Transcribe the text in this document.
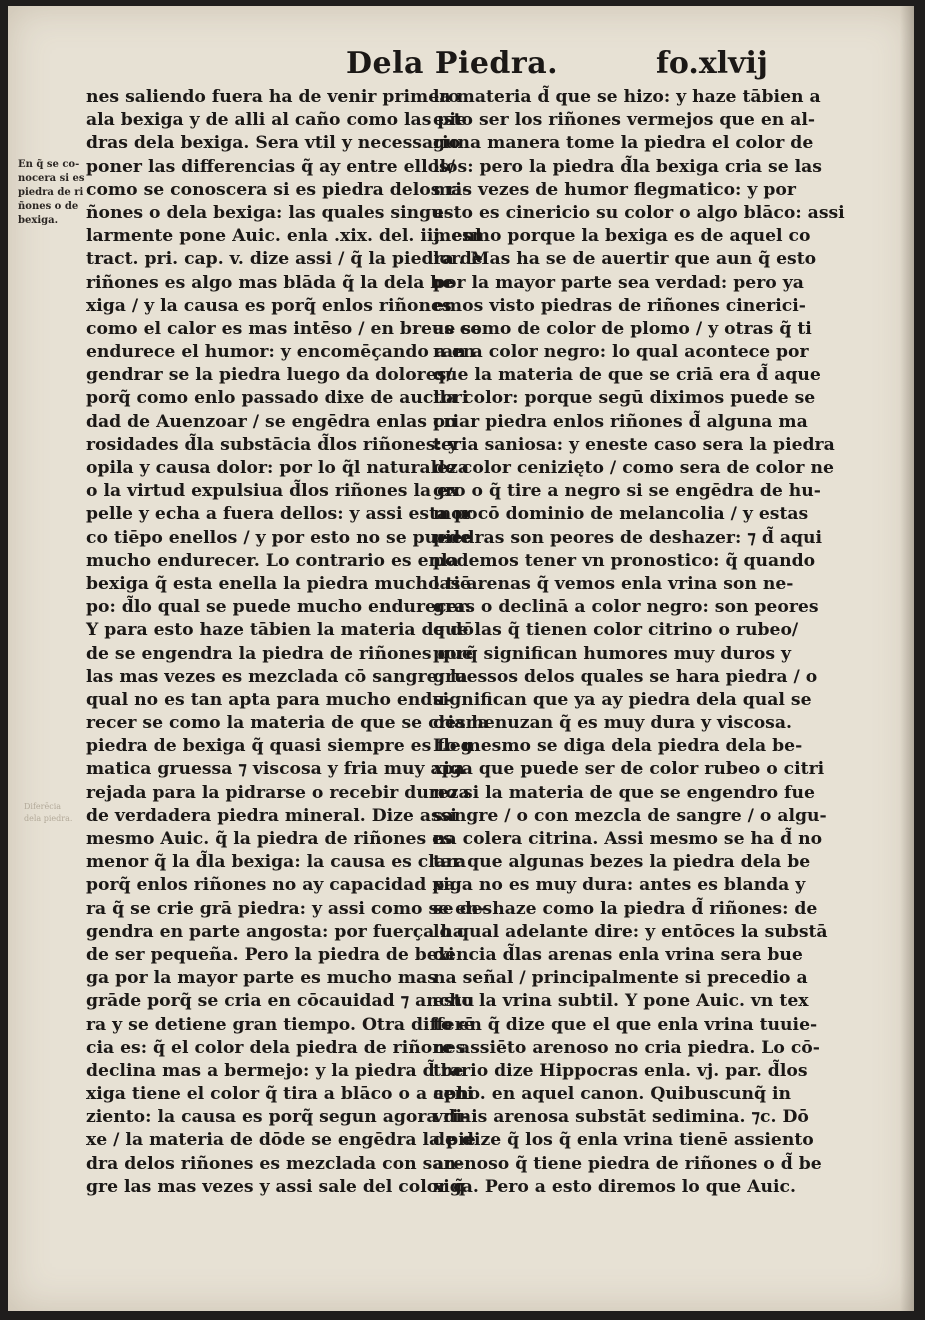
Dela Piedra.	fo.xlvij
En q̃ se co-
nocera si es
piedra de ri
ñones o de
bexiga.
Diferēcia
dela piedra.
nes saliendo fuera ha de venir primero
ala bexiga y de alli al caño como las pie
dras dela bexiga. Sera vtil y necessario
poner las differencias q̃ ay entre ellos/
como se conoscera si es piedra delos ri-
ñones o dela bexiga: las quales singu-
larmente pone Auic. enla .xix. del. iij. enl
tract. pri. cap. v. dize assi / q̃ la piedra de
riñones es algo mas blāda q̃ la dela be
xiga / y la causa es porq̃ enlos riñones
como el calor es mas intēso / en breue se
endurece el humor: y encomēçando a en
gendrar se la piedra luego da dolores/
porq̃ como enlo passado dixe de auctori
dad de Auenzoar / se engēdra enlas po
rosidades d̃la substācia d̃los riñones: y
opila y causa dolor: por lo q̃l naturaleza
o la virtud expulsiua d̃los riñones la ex
pelle y echa a fuera dellos: y assi esta po
co tiēpo enellos / y por esto no se puede
mucho endurecer. Lo contrario es enla
bexiga q̃ esta enella la piedra mucho tiē
po: d̃lo qual se puede mucho endurecer.
Y para esto haze tābien la materia de dō
de se engendra la piedra de riñones que
las mas vezes es mezclada cō sangre: la
qual no es tan apta para mucho endu-
recer se como la materia de que se cria la
piedra de bexiga q̃ quasi siempre es fleg
matica gruessa ⁊ viscosa y fria muy apa
rejada para la pidrarse o recebir dureza
de verdadera piedra mineral. Dize assi
mesmo Auic. q̃ la piedra de riñones es
menor q̃ la d̃la bexiga: la causa es clara
porq̃ enlos riñones no ay capacidad pa
ra q̃ se crie grā piedra: y assi como se en-
gendra en parte angosta: por fuerça ha
de ser pequeña. Pero la piedra de bexi
ga por la mayor parte es mucho mas
grāde porq̃ se cria en cōcauidad ⁊ anchu
ra y se detiene gran tiempo. Otra differē
cia es: q̃ el color dela piedra de riñones
declina mas a bermejo: y la piedra d̃ be
xiga tiene el color q̃ tira a blāco o a ceni
ziento: la causa es porq̃ segun agora di-
xe / la materia de dōde se engēdra la pie
dra delos riñones es mezclada con san-
gre las mas vezes y assi sale del color q̃
la materia d̃ que se hizo: y haze tābien a
esto ser los riñones vermejos que en al-
guna manera tome la piedra el color de
llos: pero la piedra d̃la bexiga cria se las
mas vezes de humor flegmatico: y por
esto es cinericio su color o algo blāco: assi
mesmo porque la bexiga es de aquel co
lor. Mas ha se de auertir que aun q̃ esto
por la mayor parte sea verdad: pero ya
emos visto piedras de riñones cinerici-
as como de color de plomo / y otras q̃ ti
ran a color negro: lo qual acontece por
que la materia de que se criā era d̃ aque
lla color: porque segū diximos puede se
criar piedra enlos riñones d̃ alguna ma
teria saniosa: y eneste caso sera la piedra
de color cenizięto / como sera de color ne
gro o q̃ tire a negro si se engēdra de hu-
mor cō dominio de melancolia / y estas
piedras son peores de deshazer: ⁊ d̃ aqui
podemos tener vn pronostico: q̃ quando
las arenas q̃ vemos enla vrina son ne-
gras o declinā a color negro: son peores
que las q̃ tienen color citrino o rubeo/
porq̃ significan humores muy duros y
gruessos delos quales se hara piedra / o
significan que ya ay piedra dela qual se
desmenuzan q̃ es muy dura y viscosa.
Lo mesmo se diga dela piedra dela be-
xiga que puede ser de color rubeo o citri
no si la materia de que se engendro fue
sangre / o con mezcla de sangre / o algu-
na colera citrina. Assi mesmo se ha d̃ no
tar que algunas bezes la piedra dela be
xiga no es muy dura: antes es blanda y
se deshaze como la piedra d̃ riñones: de
lo qual adelante dire: y entōces la substā
dencia d̃las arenas enla vrina sera bue
na señal / principalmente si precedio a
esto la vrina subtil. Y pone Auic. vn tex
to en q̃ dize que el que enla vrina tuuie-
re assiēto arenoso no cria piedra. Lo cō-
trario dize Hippocras enla. vj. par. d̃los
apho. en aquel canon. Quibuscunq̃ in
vrinis arenosa substāt sedimina. ⁊c. Dō
de dize q̃ los q̃ enla vrina tienē assiento
arenoso q̃ tiene piedra de riñones o d̃ be
xiga. Pero a esto diremos lo que Auic.
